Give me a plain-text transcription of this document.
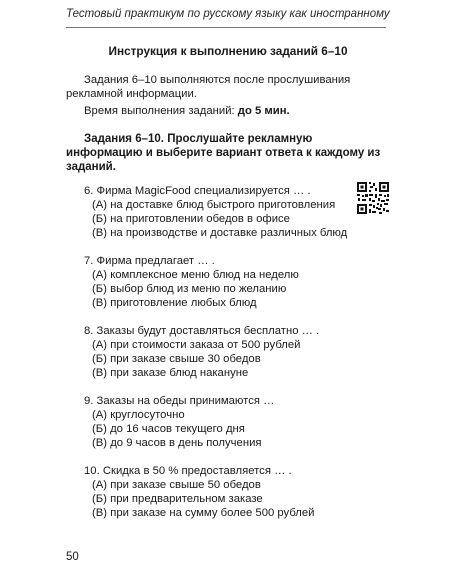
Тестовый практикум по русскому языку как иностранному
Инструкция к выполнению заданий 6–10

Задания 6–10 выполняются после прослушивания рекламной информации.

Время выполнения заданий: до 5 мин.

Задания 6–10. Прослушайте рекламную информацию и выберите вариант ответа к каждому из заданий.

6. Фирма MagicFood специализируется … .

(А) на доставке блюд быстрого приготовления

(Б) на приготовлении обедов в офисе

(В) на производстве и доставке различных блюд

7. Фирма предлагает … .

(А) комплексное меню блюд на неделю

(Б) выбор блюд из меню по желанию

(В) приготовление любых блюд

8. Заказы будут доставляться бесплатно … .

(А) при стоимости заказа от 500 рублей

(Б) при заказе свыше 30 обедов

(В) при заказе блюд накануне

9. Заказы на обеды принимаются …

(А) круглосуточно

(Б) до 16 часов текущего дня

(В) до 9 часов в день получения

10. Скидка в 50 % предоставляется … .

(А) при заказе свыше 50 обедов

(Б) при предварительном заказе

(В) при заказе на сумму более 500 рублей

50
